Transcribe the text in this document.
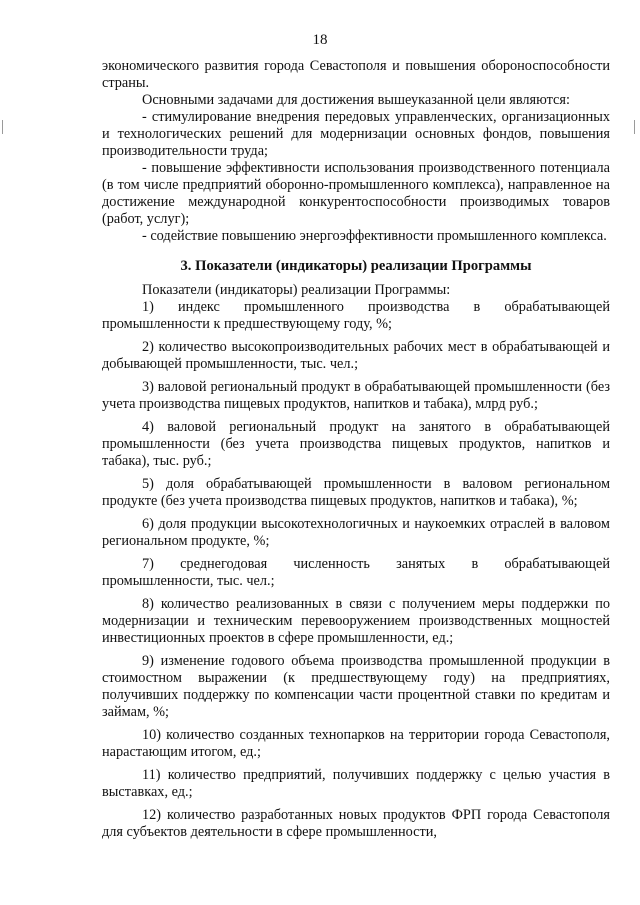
18

экономического развития города Севастополя и повышения обороноспособности страны.

Основными задачами для достижения вышеуказанной цели являются:

- стимулирование внедрения передовых управленческих, организационных и технологических решений для модернизации основных фондов, повышения производительности труда;

- повышение эффективности использования производственного потенциала (в том числе предприятий оборонно-промышленного комплекса), направленное на достижение международной конкурентоспособности производимых товаров (работ, услуг);

- содействие повышению энергоэффективности промышленного комплекса.

3. Показатели (индикаторы) реализации Программы

Показатели (индикаторы) реализации Программы:

1) индекс промышленного производства в обрабатывающей промышленности к предшествующему году, %;

2) количество высокопроизводительных рабочих мест в обрабатывающей и добывающей промышленности, тыс. чел.;

3) валовой региональный продукт в обрабатывающей промышленности (без учета производства пищевых продуктов, напитков и табака), млрд руб.;

4) валовой региональный продукт на занятого в обрабатывающей промышленности (без учета производства пищевых продуктов, напитков и табака), тыс. руб.;

5) доля обрабатывающей промышленности в валовом региональном продукте (без учета производства пищевых продуктов, напитков и табака), %;

6) доля продукции высокотехнологичных и наукоемких отраслей в валовом региональном продукте, %;

7) среднегодовая численность занятых в обрабатывающей промышленности, тыс. чел.;

8) количество реализованных в связи с получением меры поддержки по модернизации и техническим перевооружением производственных мощностей инвестиционных проектов в сфере промышленности, ед.;

9) изменение годового объема производства промышленной продукции в стоимостном выражении (к предшествующему году) на предприятиях, получивших поддержку по компенсации части процентной ставки по кредитам и займам, %;

10) количество созданных технопарков на территории города Севастополя, нарастающим итогом, ед.;

11) количество предприятий, получивших поддержку с целью участия в выставках, ед.;

12) количество разработанных новых продуктов ФРП города Севастополя для субъектов деятельности в сфере промышленности,
